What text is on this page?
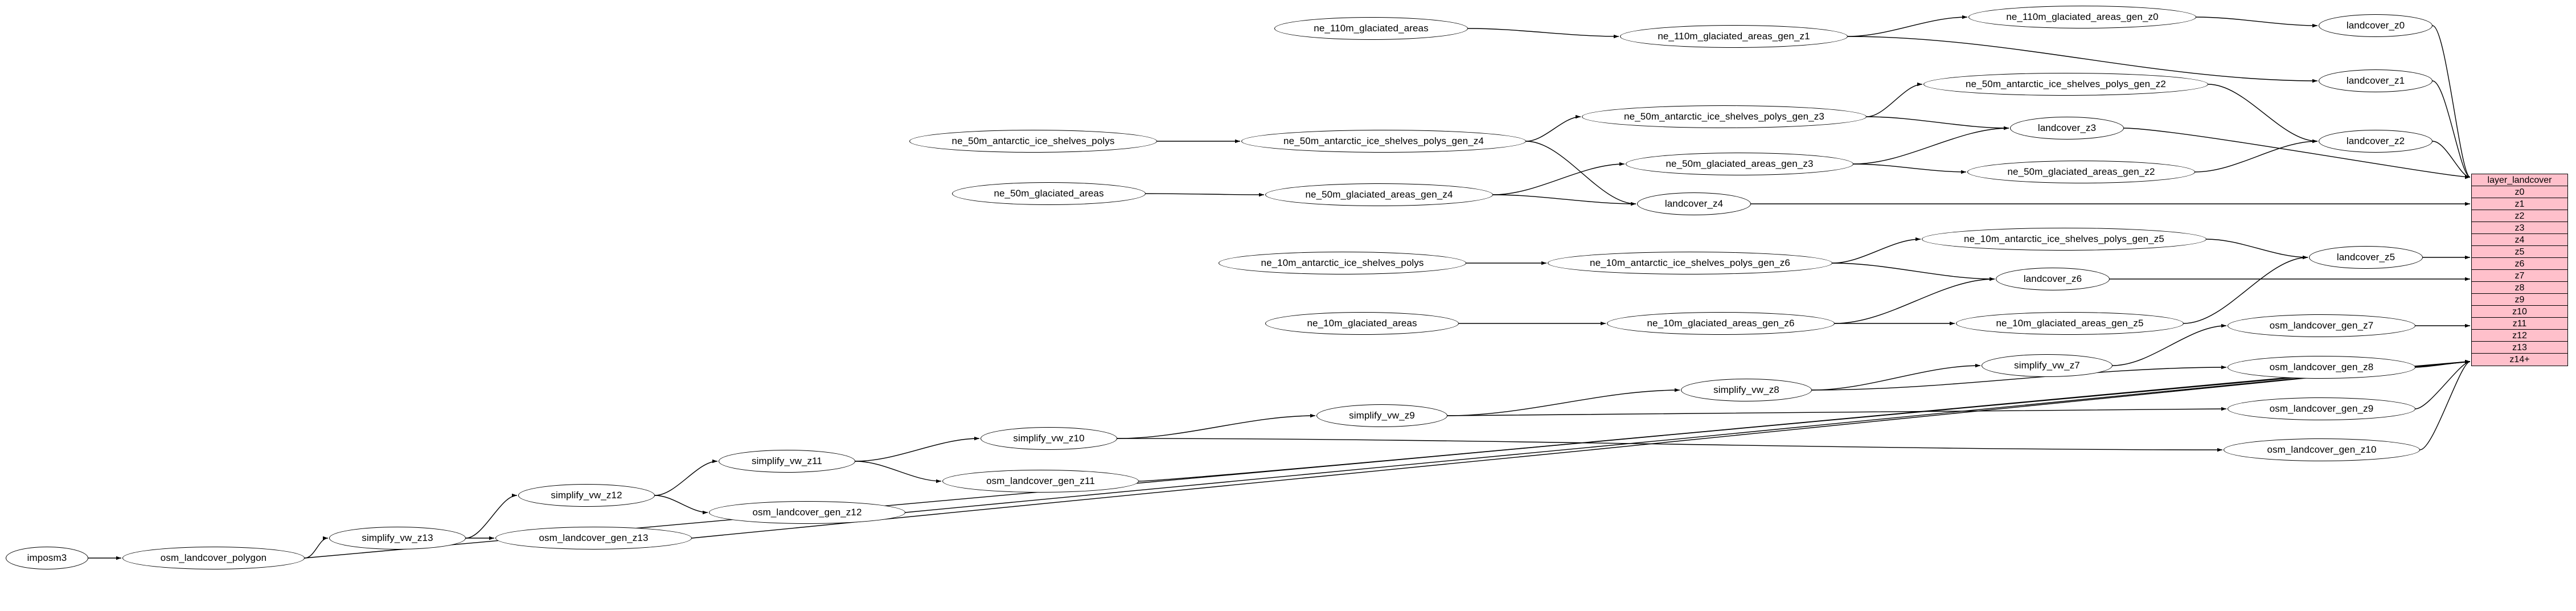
ne_110m_glaciated_areas
ne_110m_glaciated_areas_gen_z1
ne_110m_glaciated_areas_gen_z0
landcover_z0
landcover_z1
ne_50m_antarctic_ice_shelves_polys_gen_z2
ne_50m_antarctic_ice_shelves_polys_gen_z3
ne_50m_antarctic_ice_shelves_polys	ne_50m_antarctic_ice_shelves_polys_gen_z4
landcover_z3
landcover_z2
ne_50m_glaciated_areas_gen_z3
ne_50m_glaciated_areas_gen_z2
ne_50m_glaciated_areas	ne_50m_glaciated_areas_gen_z4
landcover_z4
ne_10m_antarctic_ice_shelves_polys_gen_z5
landcover_z5
ne_10m_antarctic_ice_shelves_polys	ne_10m_antarctic_ice_shelves_polys_gen_z6
landcover_z6
ne_10m_glaciated_areas	ne_10m_glaciated_areas_gen_z6	ne_10m_glaciated_areas_gen_z5	osm_landcover_gen_z7
simplify_vw_z7	osm_landcover_gen_z8
simplify_vw_z8
osm_landcover_gen_z9
simplify_vw_z9
simplify_vw_z10
osm_landcover_gen_z10
simplify_vw_z11
osm_landcover_gen_z11
simplify_vw_z12
osm_landcover_gen_z12
simplify_vw_z13	osm_landcover_gen_z13
osm_landcover_polygon
imposm3
layer_landcover
z0
z1
z2
z3
z4
z5
z6
z7
z8
z9
z10
z11
z12
z13
z14+
